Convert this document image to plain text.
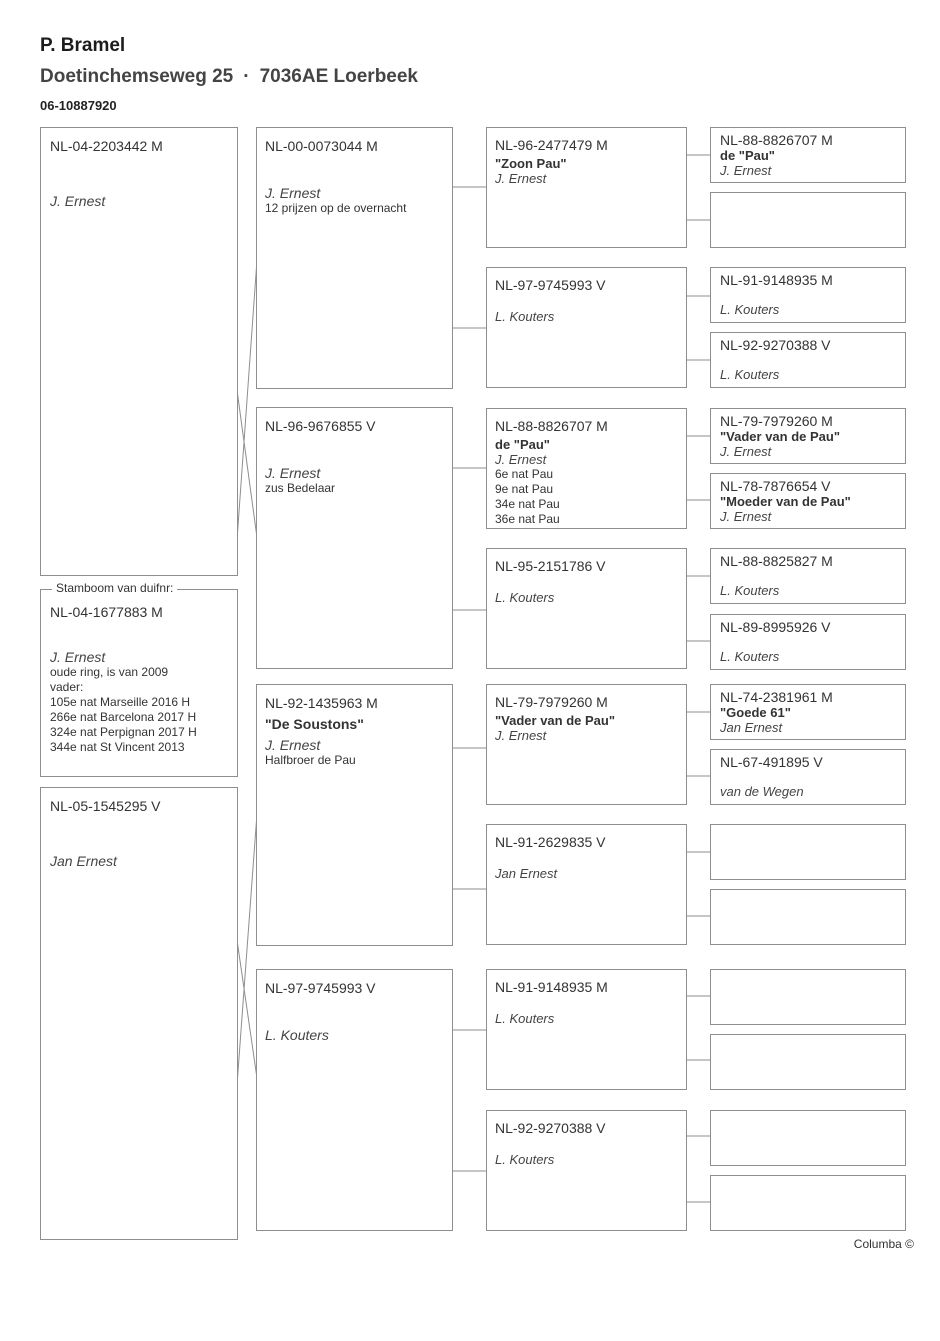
P. Bramel
Doetinchemseweg 25 · 7036AE Loerbeek
06-10887920
NL-04-2203442 M
J. Ernest
NL-04-1677883 M
J. Ernest
oude ring, is van 2009
vader:
105e nat Marseille 2016 H
266e nat Barcelona 2017 H
324e nat Perpignan 2017 H
344e nat St Vincent 2013
Stamboom van duifnr:
NL-05-1545295 V
Jan Ernest
NL-00-0073044 M
J. Ernest
12 prijzen op de overnacht
NL-96-9676855 V
J. Ernest
zus Bedelaar
NL-92-1435963 M
"De Soustons"
J. Ernest
Halfbroer de Pau
NL-97-9745993 V
L. Kouters
NL-96-2477479 M
"Zoon Pau"
J. Ernest
NL-97-9745993 V
L. Kouters
NL-88-8826707 M
de "Pau"
J. Ernest
6e nat Pau
9e nat Pau
34e nat Pau
36e nat Pau
NL-95-2151786 V
L. Kouters
NL-79-7979260 M
"Vader van de Pau"
J. Ernest
NL-91-2629835 V
Jan Ernest
NL-91-9148935 M
L. Kouters
NL-92-9270388 V
L. Kouters
NL-88-8826707 M
de "Pau"
J. Ernest
NL-91-9148935 M
L. Kouters
NL-92-9270388 V
L. Kouters
NL-79-7979260 M
"Vader van de Pau"
J. Ernest
NL-78-7876654 V
"Moeder van de Pau"
J. Ernest
NL-88-8825827 M
L. Kouters
NL-89-8995926 V
L. Kouters
NL-74-2381961 M
"Goede 61"
Jan Ernest
NL-67-491895 V
van de Wegen
Columba ©
